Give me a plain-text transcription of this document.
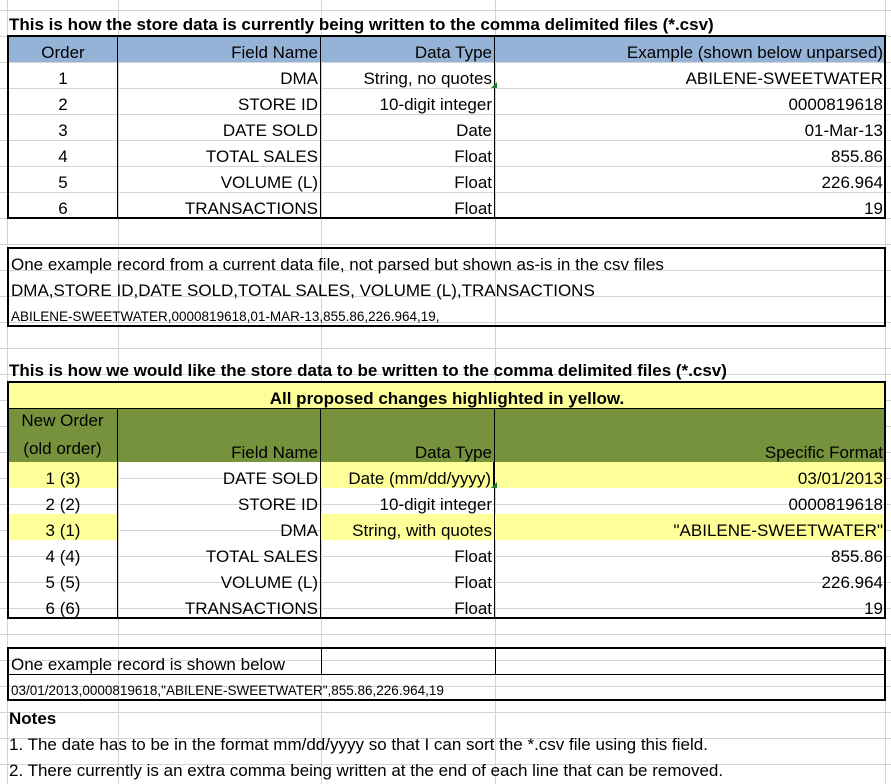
This is how the store data is currently being written to the comma delimited files (*.csv)
Order	Field Name	Data Type	Example (shown below unparsed)
1	DMA	String, no quotes	ABILENE-SWEETWATER
2	STORE ID	10-digit integer	0000819618
3	DATE SOLD	Date	01-Mar-13
4	TOTAL SALES	Float	855.86
5	VOLUME (L)	Float	226.964
6	TRANSACTIONS	Float	19
One example record from a current data file, not parsed but shown as-is in the csv files
DMA,STORE ID,DATE SOLD,TOTAL SALES, VOLUME (L),TRANSACTIONS
ABILENE-SWEETWATER,0000819618,01-MAR-13,855.86,226.964,19,
This is how we would like the store data to be written to the comma delimited files (*.csv)
All proposed changes highlighted in yellow.
New Order
(old order)	Field Name	Data Type	Specific Format
1 (3)	DATE SOLD	Date (mm/dd/yyyy)	03/01/2013
2 (2)	STORE ID	10-digit integer	0000819618
3 (1)	DMA	String, with quotes	"ABILENE-SWEETWATER"
4 (4)	TOTAL SALES	Float	855.86
5 (5)	VOLUME (L)	Float	226.964
6 (6)	TRANSACTIONS	Float	19
One example record is shown below
03/01/2013,0000819618,"ABILENE-SWEETWATER",855.86,226.964,19
Notes
1. The date has to be in the format mm/dd/yyyy so that I can sort the *.csv file using this field.
2. There currently is an extra comma being written at the end of each line that can be removed.
